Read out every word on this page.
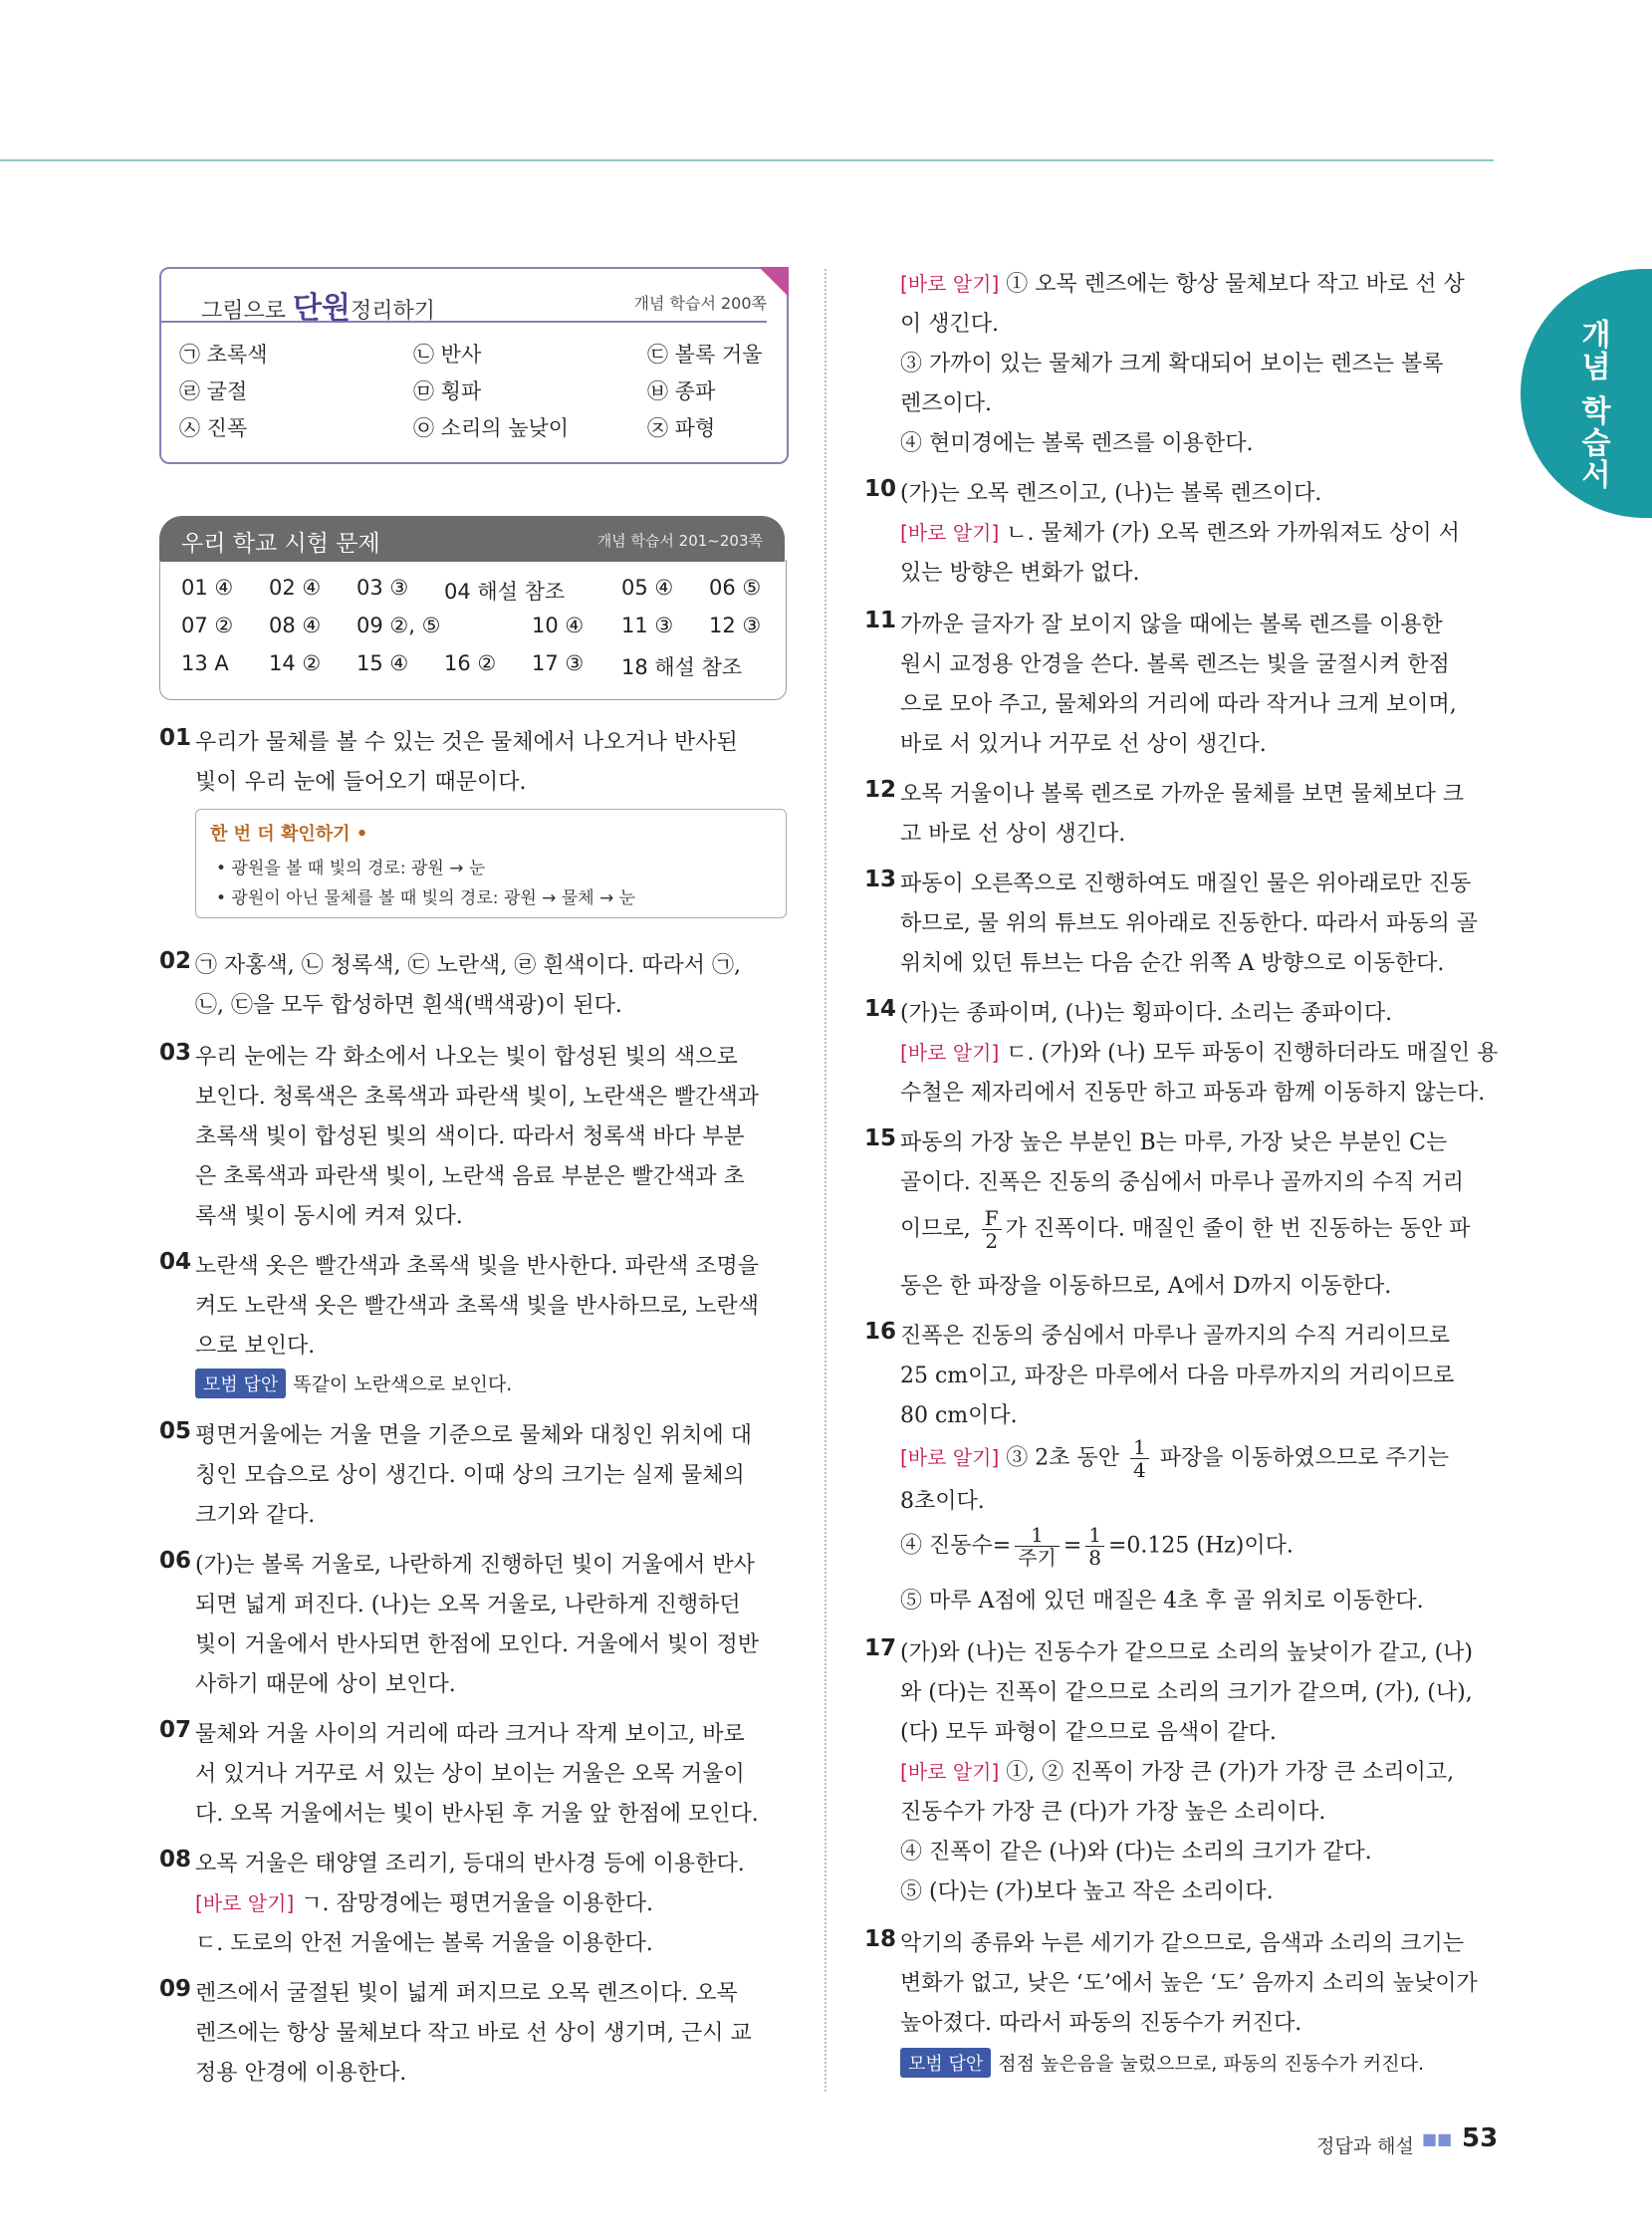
개념 학습서
그림으로 단원정리하기	개념 학습서 200쪽
㉠ 초록색	㉡ 반사	㉢ 볼록 거울
㉣ 굴절	㉤ 횡파	㉥ 종파
㉦ 진폭	㉧ 소리의 높낮이	㉨ 파형
우리 학교 시험 문제	개념 학습서 201~203쪽
01 ④ 02 ④ 03 ③ 04 해설 참조	05 ④ 06 ⑤
07 ② 08 ④ 09 ②, ⑤	10 ④ 11 ③ 12 ③
13 A 14 ② 15 ④ 16 ② 17 ③ 18 해설 참조
01 우리가 물체를 볼 수 있는 것은 물체에서 나오거나 반사된
빛이 우리 눈에 들어오기 때문이다.
한 번 더 확인하기 •
• 광원을 볼 때 빛의 경로: 광원 → 눈
• 광원이 아닌 물체를 볼 때 빛의 경로: 광원 → 물체 → 눈
02 ㉠ 자홍색, ㉡ 청록색, ㉢ 노란색, ㉣ 흰색이다. 따라서 ㉠,
㉡, ㉢을 모두 합성하면 흰색(백색광)이 된다.
03 우리 눈에는 각 화소에서 나오는 빛이 합성된 빛의 색으로
보인다. 청록색은 초록색과 파란색 빛이, 노란색은 빨간색과
초록색 빛이 합성된 빛의 색이다. 따라서 청록색 바다 부분
은 초록색과 파란색 빛이, 노란색 음료 부분은 빨간색과 초
록색 빛이 동시에 켜져 있다.
04 노란색 옷은 빨간색과 초록색 빛을 반사한다. 파란색 조명을
켜도 노란색 옷은 빨간색과 초록색 빛을 반사하므로, 노란색
으로 보인다.
모범 답안 똑같이 노란색으로 보인다.
05 평면거울에는 거울 면을 기준으로 물체와 대칭인 위치에 대
칭인 모습으로 상이 생긴다. 이때 상의 크기는 실제 물체의
크기와 같다.
06 (가)는 볼록 거울로, 나란하게 진행하던 빛이 거울에서 반사
되면 넓게 퍼진다. (나)는 오목 거울로, 나란하게 진행하던
빛이 거울에서 반사되면 한점에 모인다. 거울에서 빛이 정반
사하기 때문에 상이 보인다.
07 물체와 거울 사이의 거리에 따라 크거나 작게 보이고, 바로
서 있거나 거꾸로 서 있는 상이 보이는 거울은 오목 거울이
다. 오목 거울에서는 빛이 반사된 후 거울 앞 한점에 모인다.
08 오목 거울은 태양열 조리기, 등대의 반사경 등에 이용한다.
[바로 알기] ㄱ. 잠망경에는 평면거울을 이용한다.
ㄷ. 도로의 안전 거울에는 볼록 거울을 이용한다.
09 렌즈에서 굴절된 빛이 넓게 퍼지므로 오목 렌즈이다. 오목
렌즈에는 항상 물체보다 작고 바로 선 상이 생기며, 근시 교
정용 안경에 이용한다.
[바로 알기] ① 오목 렌즈에는 항상 물체보다 작고 바로 선 상
이 생긴다.
③ 가까이 있는 물체가 크게 확대되어 보이는 렌즈는 볼록
렌즈이다.
④ 현미경에는 볼록 렌즈를 이용한다.
10 (가)는 오목 렌즈이고, (나)는 볼록 렌즈이다.
[바로 알기] ㄴ. 물체가 (가) 오목 렌즈와 가까워져도 상이 서
있는 방향은 변화가 없다.
11 가까운 글자가 잘 보이지 않을 때에는 볼록 렌즈를 이용한
원시 교정용 안경을 쓴다. 볼록 렌즈는 빛을 굴절시켜 한점
으로 모아 주고, 물체와의 거리에 따라 작거나 크게 보이며,
바로 서 있거나 거꾸로 선 상이 생긴다.
12 오목 거울이나 볼록 렌즈로 가까운 물체를 보면 물체보다 크
고 바로 선 상이 생긴다.
13 파동이 오른쪽으로 진행하여도 매질인 물은 위아래로만 진동
하므로, 물 위의 튜브도 위아래로 진동한다. 따라서 파동의 골
위치에 있던 튜브는 다음 순간 위쪽 A 방향으로 이동한다.
14 (가)는 종파이며, (나)는 횡파이다. 소리는 종파이다.
[바로 알기] ㄷ. (가)와 (나) 모두 파동이 진행하더라도 매질인 용
수철은 제자리에서 진동만 하고 파동과 함께 이동하지 않는다.
15 파동의 가장 높은 부분인 B는 마루, 가장 낮은 부분인 C는
골이다. 진폭은 진동의 중심에서 마루나 골까지의 수직 거리
이므로, $\frac{F}{2}$ 가 진폭이다. 매질인 줄이 한 번 진동하는 동안 파
동은 한 파장을 이동하므로, A에서 D까지 이동한다.
16 진폭은 진동의 중심에서 마루나 골까지의 수직 거리이므로
25 cm이고, 파장은 마루에서 다음 마루까지의 거리이므로
80 cm이다.
[바로 알기] ③ 2초 동안 $\frac{1}{4}$ 파장을 이동하였으므로 주기는
8초이다.
④ 진동수= $\frac{1}{\text{주기}} = \frac{1}{8} =0.125$ (Hz)이다.
⑤ 마루 A점에 있던 매질은 4초 후 골 위치로 이동한다.
17 (가)와 (나)는 진동수가 같으므로 소리의 높낮이가 같고, (나)
와 (다)는 진폭이 같으므로 소리의 크기가 같으며, (가), (나),
(다) 모두 파형이 같으므로 음색이 같다.
[바로 알기] ①, ② 진폭이 가장 큰 (가)가 가장 큰 소리이고,
진동수가 가장 큰 (다)가 가장 높은 소리이다.
④ 진폭이 같은 (나)와 (다)는 소리의 크기가 같다.
⑤ (다)는 (가)보다 높고 작은 소리이다.
18 악기의 종류와 누른 세기가 같으므로, 음색과 소리의 크기는
변화가 없고, 낮은 ‘도’에서 높은 ‘도’ 음까지 소리의 높낮이가
높아졌다. 따라서 파동의 진동수가 커진다.
모범 답안 점점 높은음을 눌렀으므로, 파동의 진동수가 커진다.
정답과 해설 ■■ 53
